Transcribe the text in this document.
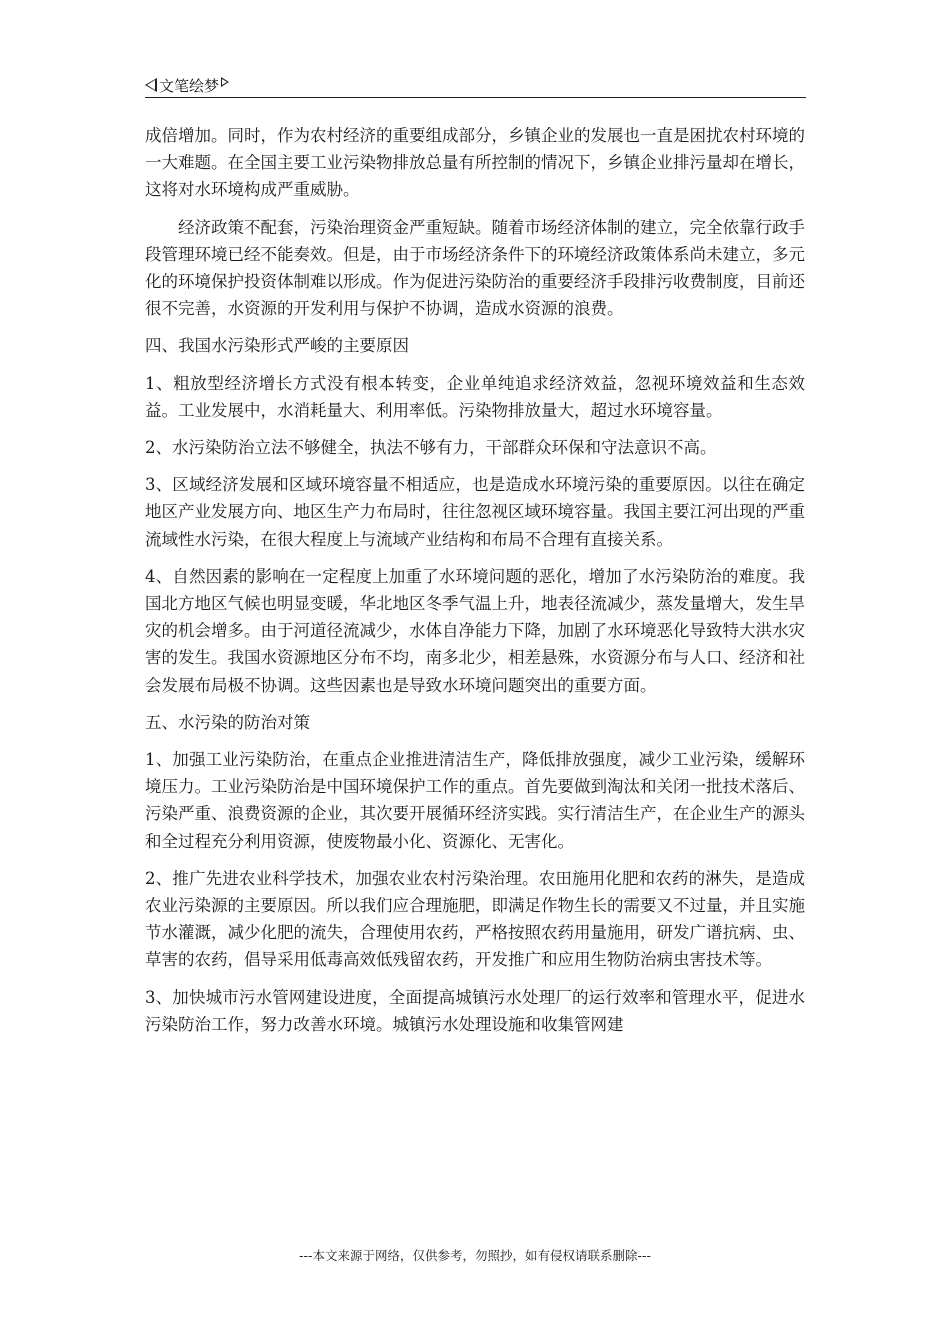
文笔绘梦

成倍增加。同时，作为农村经济的重要组成部分，乡镇企业的发展也一直是困扰农村环境的一大难题。在全国主要工业污染物排放总量有所控制的情况下，乡镇企业排污量却在增长，这将对水环境构成严重威胁。

经济政策不配套，污染治理资金严重短缺。随着市场经济体制的建立，完全依靠行政手段管理环境已经不能奏效。但是，由于市场经济条件下的环境经济政策体系尚未建立，多元化的环境保护投资体制难以形成。作为促进污染防治的重要经济手段排污收费制度，目前还很不完善，水资源的开发利用与保护不协调，造成水资源的浪费。

四、我国水污染形式严峻的主要原因

1、粗放型经济增长方式没有根本转变，企业单纯追求经济效益，忽视环境效益和生态效益。工业发展中，水消耗量大、利用率低。污染物排放量大，超过水环境容量。

2、水污染防治立法不够健全，执法不够有力，干部群众环保和守法意识不高。

3、区域经济发展和区域环境容量不相适应，也是造成水环境污染的重要原因。以往在确定地区产业发展方向、地区生产力布局时，往往忽视区域环境容量。我国主要江河出现的严重流域性水污染，在很大程度上与流域产业结构和布局不合理有直接关系。

4、自然因素的影响在一定程度上加重了水环境问题的恶化，增加了水污染防治的难度。我国北方地区气候也明显变暖，华北地区冬季气温上升，地表径流减少，蒸发量增大，发生旱灾的机会增多。由于河道径流减少，水体自净能力下降，加剧了水环境恶化导致特大洪水灾害的发生。我国水资源地区分布不均，南多北少，相差悬殊，水资源分布与人口、经济和社会发展布局极不协调。这些因素也是导致水环境问题突出的重要方面。

五、水污染的防治对策

1、加强工业污染防治，在重点企业推进清洁生产，降低排放强度，减少工业污染，缓解环境压力。工业污染防治是中国环境保护工作的重点。首先要做到淘汰和关闭一批技术落后、污染严重、浪费资源的企业，其次要开展循环经济实践。实行清洁生产，在企业生产的源头和全过程充分利用资源，使废物最小化、资源化、无害化。

2、推广先进农业科学技术，加强农业农村污染治理。农田施用化肥和农药的淋失，是造成农业污染源的主要原因。所以我们应合理施肥，即满足作物生长的需要又不过量，并且实施节水灌溉，减少化肥的流失，合理使用农药，严格按照农药用量施用，研发广谱抗病、虫、草害的农药，倡导采用低毒高效低残留农药，开发推广和应用生物防治病虫害技术等。

3、加快城市污水管网建设进度，全面提高城镇污水处理厂的运行效率和管理水平，促进水污染防治工作，努力改善水环境。城镇污水处理设施和收集管网建

---本文来源于网络，仅供参考，勿照抄，如有侵权请联系删除---
